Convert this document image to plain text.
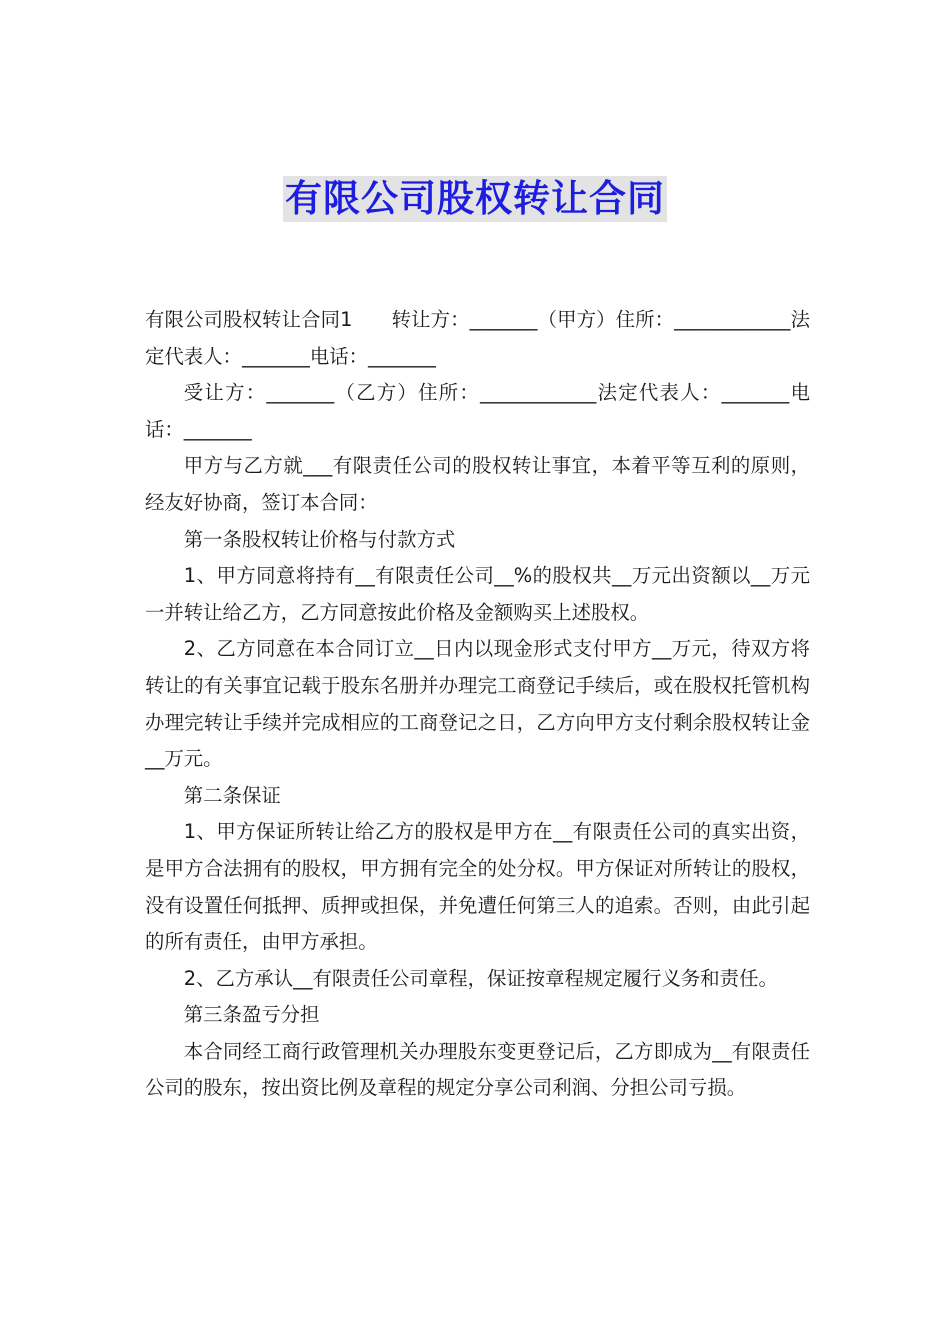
有限公司股权转让合同

有限公司股权转让合同1　　转让方：_______（甲方）住所：____________法定代表人：_______电话：_______

受让方：_______（乙方）住所：____________法定代表人：_______电话：_______

甲方与乙方就___有限责任公司的股权转让事宜，本着平等互利的原则，经友好协商，签订本合同：

第一条股权转让价格与付款方式

1、甲方同意将持有__有限责任公司__%的股权共__万元出资额以__万元一并转让给乙方，乙方同意按此价格及金额购买上述股权。

2、乙方同意在本合同订立__日内以现金形式支付甲方__万元，待双方将转让的有关事宜记载于股东名册并办理完工商登记手续后，或在股权托管机构办理完转让手续并完成相应的工商登记之日，乙方向甲方支付剩余股权转让金__万元。

第二条保证

1、甲方保证所转让给乙方的股权是甲方在__有限责任公司的真实出资，是甲方合法拥有的股权，甲方拥有完全的处分权。甲方保证对所转让的股权，没有设置任何抵押、质押或担保，并免遭任何第三人的追索。否则，由此引起的所有责任，由甲方承担。

2、乙方承认__有限责任公司章程，保证按章程规定履行义务和责任。

第三条盈亏分担

本合同经工商行政管理机关办理股东变更登记后，乙方即成为__有限责任公司的股东，按出资比例及章程的规定分享公司利润、分担公司亏损。
